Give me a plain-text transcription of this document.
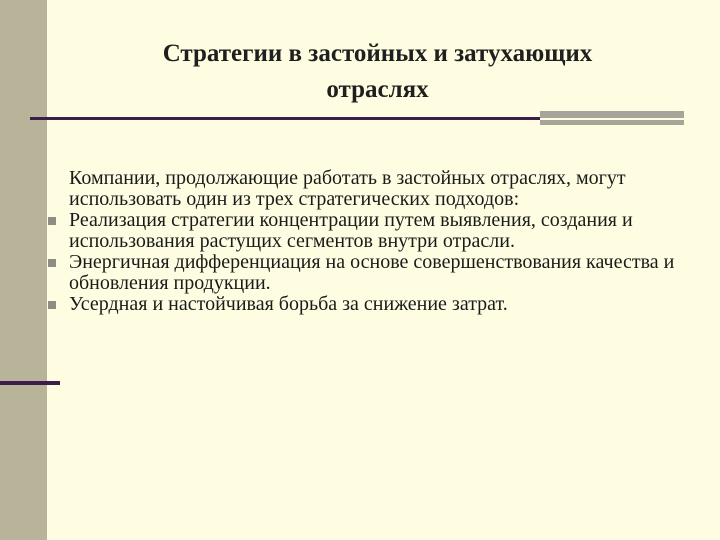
Стратегии в застойных и затухающих
отраслях
Компании, продолжающие работать в застойных отраслях, могут использовать один из трех стратегических подходов:
Реализация стратегии концентрации путем выявления, создания и использования растущих сегментов внутри отрасли.
Энергичная дифференциация на основе совершенствования качества и обновления продукции.
Усердная и настойчивая борьба за снижение затрат.
